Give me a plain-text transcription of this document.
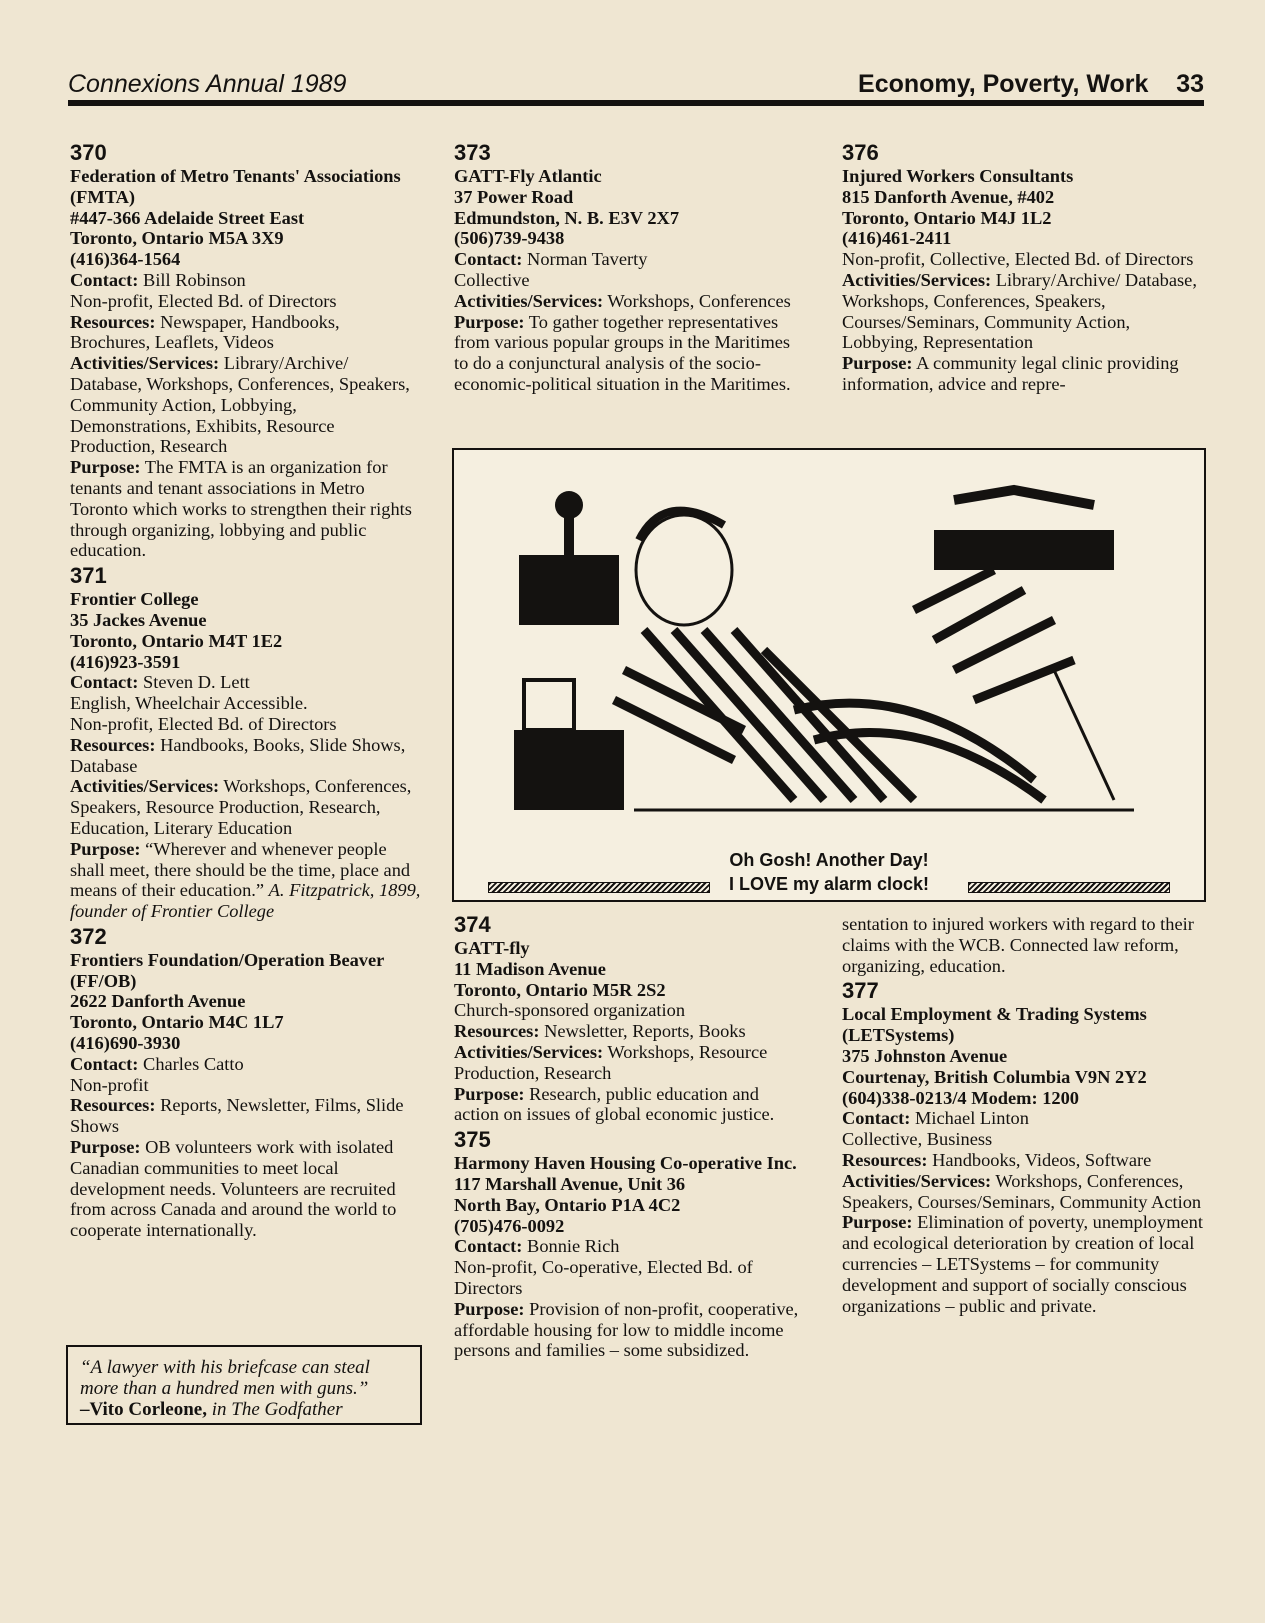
Connexions Annual 1989	Economy, Poverty, Work 33
370
Federation of Metro Tenants' Associations (FMTA)
#447-366 Adelaide Street East
Toronto, Ontario M5A 3X9
(416)364-1564
Contact: Bill Robinson
Non-profit, Elected Bd. of Directors
Resources: Newspaper, Handbooks, Brochures, Leaflets, Videos
Activities/Services: Library/Archive/ Database, Workshops, Conferences, Speakers, Community Action, Lobbying, Demonstrations, Exhibits, Resource Production, Research
Purpose: The FMTA is an organization for tenants and tenant associations in Metro Toronto which works to strengthen their rights through organizing, lobbying and public education.
371
Frontier College
35 Jackes Avenue
Toronto, Ontario M4T 1E2
(416)923-3591
Contact: Steven D. Lett
English, Wheelchair Accessible.
Non-profit, Elected Bd. of Directors
Resources: Handbooks, Books, Slide Shows, Database
Activities/Services: Workshops, Conferences, Speakers, Resource Production, Research, Education, Literary Education
Purpose: “Wherever and whenever people shall meet, there should be the time, place and means of their education.” A. Fitzpatrick, 1899, founder of Frontier College
372
Frontiers Foundation/Operation Beaver (FF/OB)
2622 Danforth Avenue
Toronto, Ontario M4C 1L7
(416)690-3930
Contact: Charles Catto
Non-profit
Resources: Reports, Newsletter, Films, Slide Shows
Purpose: OB volunteers work with isolated Canadian communities to meet local development needs. Volunteers are recruited from across Canada and around the world to cooperate internationally.
“A lawyer with his briefcase can steal more than a hundred men with guns.”
–Vito Corleone, in The Godfather
373
GATT-Fly Atlantic
37 Power Road
Edmundston, N. B. E3V 2X7
(506)739-9438
Contact: Norman Taverty
Collective
Activities/Services: Workshops, Conferences
Purpose: To gather together representatives from various popular groups in the Maritimes to do a conjunctural analysis of the socio-economic-political situation in the Maritimes.
376
Injured Workers Consultants
815 Danforth Avenue, #402
Toronto, Ontario M4J 1L2
(416)461-2411
Non-profit, Collective, Elected Bd. of Directors
Activities/Services: Library/Archive/ Database, Workshops, Conferences, Speakers, Courses/Seminars, Community Action, Lobbying, Representation
Purpose: A community legal clinic providing information, advice and repre-
Oh Gosh! Another Day!
I LOVE my alarm clock!
374
GATT-fly
11 Madison Avenue
Toronto, Ontario M5R 2S2
Church-sponsored organization
Resources: Newsletter, Reports, Books
Activities/Services: Workshops, Resource Production, Research
Purpose: Research, public education and action on issues of global economic justice.
375
Harmony Haven Housing Co-operative Inc.
117 Marshall Avenue, Unit 36
North Bay, Ontario P1A 4C2
(705)476-0092
Contact: Bonnie Rich
Non-profit, Co-operative, Elected Bd. of Directors
Purpose: Provision of non-profit, cooperative, affordable housing for low to middle income persons and families – some subsidized.
sentation to injured workers with regard to their claims with the WCB. Connected law reform, organizing, education.
377
Local Employment & Trading Systems (LETSystems)
375 Johnston Avenue
Courtenay, British Columbia V9N 2Y2
(604)338-0213/4 Modem: 1200
Contact: Michael Linton
Collective, Business
Resources: Handbooks, Videos, Software
Activities/Services: Workshops, Conferences, Speakers, Courses/Seminars, Community Action
Purpose: Elimination of poverty, unemployment and ecological deterioration by creation of local currencies – LETSystems – for community development and support of socially conscious organizations – public and private.
